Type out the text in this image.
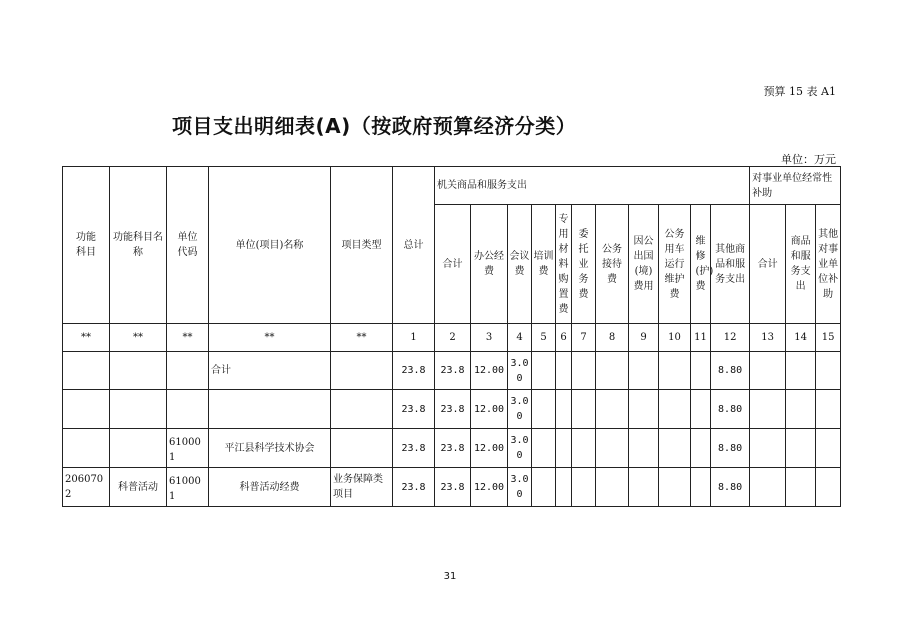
预算 15 表 A1
项目支出明细表(A)（按政府预算经济分类）
单位：万元
功能科目	功能科目名称	单位代码	单位(项目)名称	项目类型	总计	机关商品和服务支出											对事业单位经常性补助		
						合计	办公经费	会议费	培训费	专用材料购置费	委托业务费	公务接待费	因公出国(境)费用	公务用车运行维护费	维修(护)费	其他商品和服务支出	合计	商品和服务支出	其他对事业单位补助
**	**	**	**	**	1	2	3	4	5	6	7	8	9	10	11	12	13	14	15
			合计		23.8	23.8	12.00	3.00								8.80			
					23.8	23.8	12.00	3.00								8.80			
		610001	平江县科学技术协会		23.8	23.8	12.00	3.00								8.80			
2060702	科普活动	610001	科普活动经费	业务保障类项目	23.8	23.8	12.00	3.00								8.80			
31
